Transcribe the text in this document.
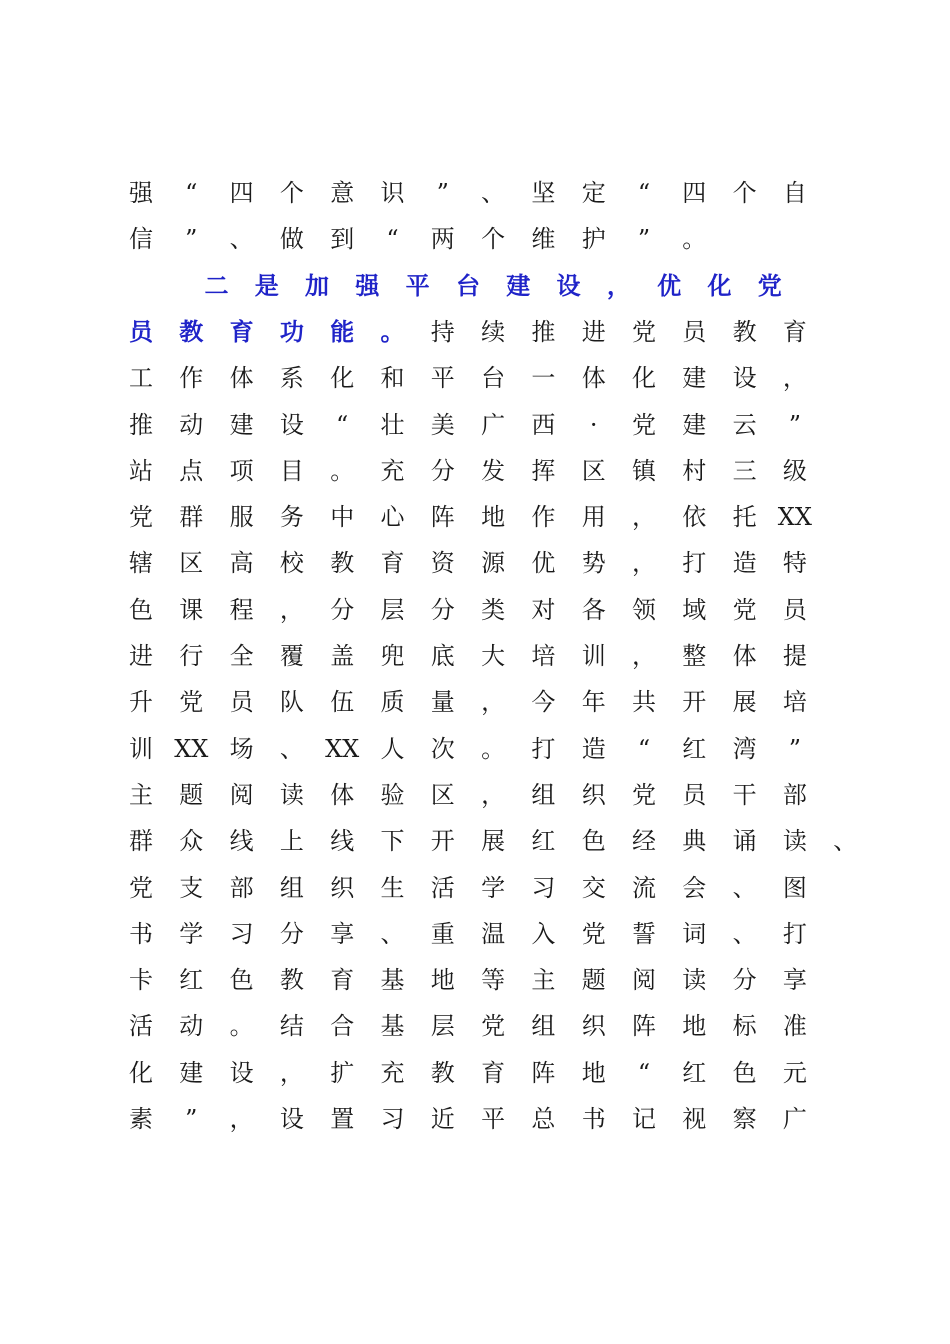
强	“	四	个	意	识	”	、	坚	定	“	四	个	自
信	”	、	做	到	“	两	个	维	护	”	。
二	是	加	强	平	台	建	设	，	优	化	党
员	教	育	功	能	。	持	续	推	进	党	员	教	育
工	作	体	系	化	和	平	台	一	体	化	建	设	，
推	动	建	设	“	壮	美	广	西	·	党	建	云	”
站	点	项	目	。	充	分	发	挥	区	镇	村	三	级
党	群	服	务	中	心	阵	地	作	用	，	依	托 XX
辖	区	高	校	教	育	资	源	优	势	，	打	造	特
色	课	程	，	分	层	分	类	对	各	领	域	党	员
进	行	全	覆	盖	兜	底	大	培	训	，	整	体	提
升	党	员	队	伍	质	量	，	今	年	共	开	展	培
训 XX 场	、 XX 人	次	。	打	造	“	红	湾	”
主	题	阅	读	体	验	区	，	组	织	党	员	干	部
群	众	线	上	线	下	开	展	红	色	经	典	诵	读	、
党	支	部	组	织	生	活	学	习	交	流	会	、	图
书	学	习	分	享	、	重	温	入	党	誓	词	、	打
卡	红	色	教	育	基	地	等	主	题	阅	读	分	享
活	动	。	结	合	基	层	党	组	织	阵	地	标	准
化	建	设	，	扩	充	教	育	阵	地	“	红	色	元
素	”	，	设	置	习	近	平	总	书	记	视	察	广
